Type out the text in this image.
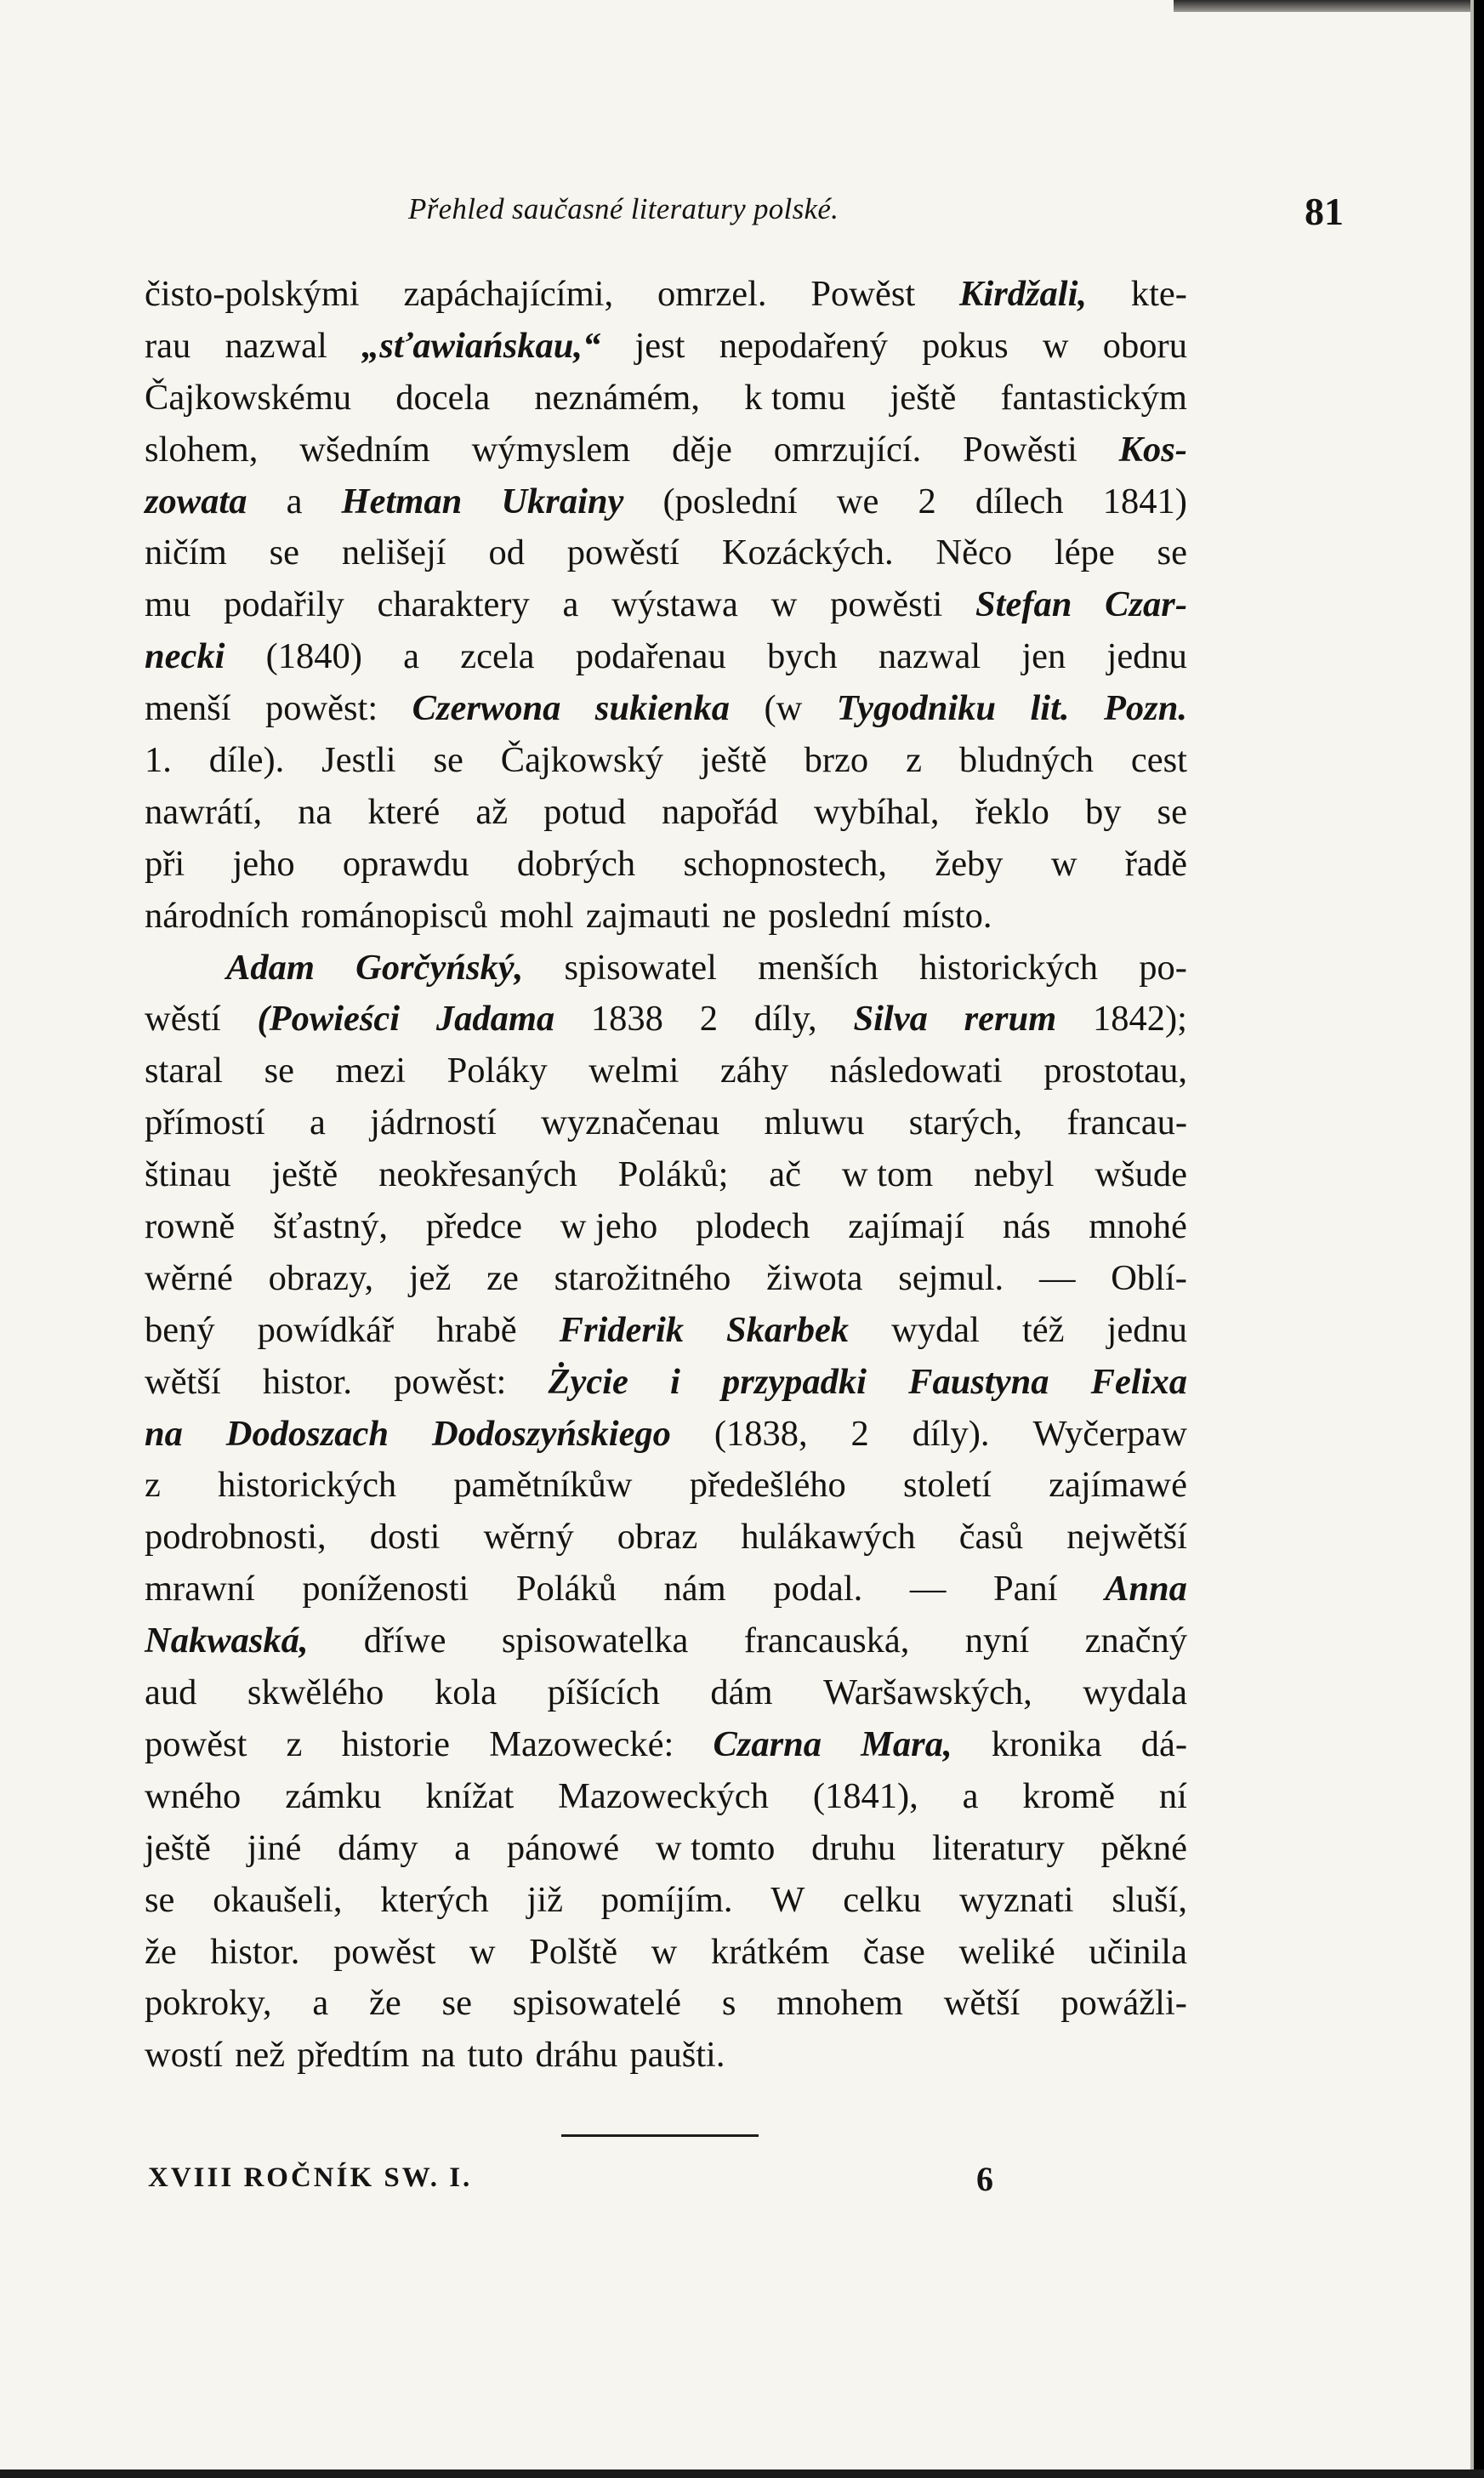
Přehled saučasné literatury polské.	81
čisto-polskými zapáchajícími, omrzel. Powěst Kirdžali, kte-
rau nazwal „sťawiańskau,“ jest nepodařený pokus w oboru
Čajkowskému docela neznámém, k tomu ještě fantastickým
slohem, wšedním wýmyslem děje omrzující. Powěsti Kos-
zowata a Hetman Ukrainy (poslední we 2 dílech 1841)
ničím se nelišejí od powěstí Kozáckých. Něco lépe se
mu podařily charaktery a wýstawa w powěsti Stefan Czar-
necki (1840) a zcela podařenau bych nazwal jen jednu
menší powěst: Czerwona sukienka (w Tygodniku lit. Pozn.
1. díle). Jestli se Čajkowský ještě brzo z bludných cest
nawrátí, na které až potud napořád wybíhal, řeklo by se
při jeho oprawdu dobrých schopnostech, žeby w řadě
národních románopisců mohl zajmauti ne poslední místo.
Adam Gorčyńský, spisowatel menších historických po-
wěstí (Powieści Jadama 1838 2 díly, Silva rerum 1842);
staral se mezi Poláky welmi záhy následowati prostotau,
přímostí a jádrností wyznačenau mluwu starých, francau-
štinau ještě neokřesaných Poláků; ač w tom nebyl wšude
rowně šťastný, předce w jeho plodech zajímají nás mnohé
wěrné obrazy, jež ze starožitného žiwota sejmul. — Oblí-
bený powídkář hrabě Friderik Skarbek wydal též jednu
wětší histor. powěst: Życie i przypadki Faustyna Felixa
na Dodoszach Dodoszyńskiego (1838, 2 díly). Wyčerpaw
z historických pamětníkůw předešlého století zajímawé
podrobnosti, dosti wěrný obraz hulákawých časů nejwětší
mrawní poníženosti Poláků nám podal. — Paní Anna
Nakwaská, dříwe spisowatelka francauská, nyní značný
aud skwělého kola píšících dám Waršawských, wydala
powěst z historie Mazowecké: Czarna Mara, kronika dá-
wného zámku knížat Mazoweckých (1841), a kromě ní
ještě jiné dámy a pánowé w tomto druhu literatury pěkné
se okaušeli, kterých již pomíjím. W celku wyznati sluší,
že histor. powěst w Polště w krátkém čase weliké učinila
pokroky, a že se spisowatelé s mnohem wětší powážli-
wostí než předtím na tuto dráhu paušti.
XVIII ROČNÍK SW. I.	6
